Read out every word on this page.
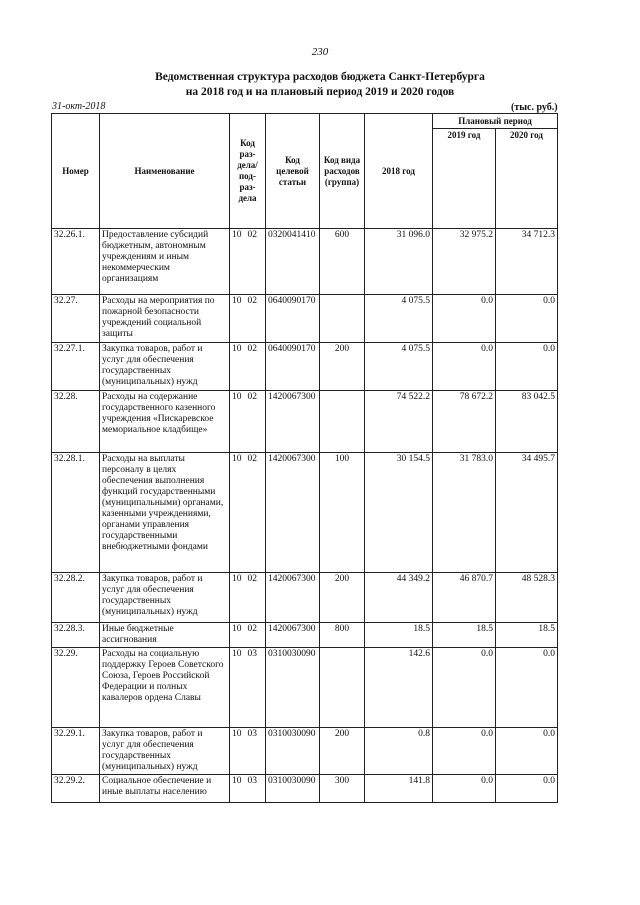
230
Ведомственная структура расходов бюджета Санкт-Петербурга
на 2018 год и на плановый период 2019 и 2020 годов
31-окт-2018	(тыс. руб.)
Номер	Наименование	Код раз-дела/ под-раз-дела	Код целевой статьи	Код вида расходов (группа)	2018 год	Плановый период	
						2019 год	2020 год
32.26.1.	Предоставление субсидий бюджетным, автономным учреждениям и иным некоммерческим организациям	10 02	0320041410	600	31 096.0	32 975.2	34 712.3
32.27.	Расходы на мероприятия по пожарной безопасности учреждений социальной защиты	10 02	0640090170		4 075.5	0.0	0.0
32.27.1.	Закупка товаров, работ и услуг для обеспечения государственных (муниципальных) нужд	10 02	0640090170	200	4 075.5	0.0	0.0
32.28.	Расходы на содержание государственного казенного учреждения «Пискаревское мемориальное кладбище»	10 02	1420067300		74 522.2	78 672.2	83 042.5
32.28.1.	Расходы на выплаты персоналу в целях обеспечения выполнения функций государственными (муниципальными) органами, казенными учреждениями, органами управления государственными внебюджетными фондами	10 02	1420067300	100	30 154.5	31 783.0	34 495.7
32.28.2.	Закупка товаров, работ и услуг для обеспечения государственных (муниципальных) нужд	10 02	1420067300	200	44 349.2	46 870.7	48 528.3
32.28.3.	Иные бюджетные ассигнования	10 02	1420067300	800	18.5	18.5	18.5
32.29.	Расходы на социальную поддержку Героев Советского Союза, Героев Российской Федерации и полных кавалеров ордена Славы	10 03	0310030090		142.6	0.0	0.0
32.29.1.	Закупка товаров, работ и услуг для обеспечения государственных (муниципальных) нужд	10 03	0310030090	200	0.8	0.0	0.0
32.29.2.	Социальное обеспечение и иные выплаты населению	10 03	0310030090	300	141.8	0.0	0.0
